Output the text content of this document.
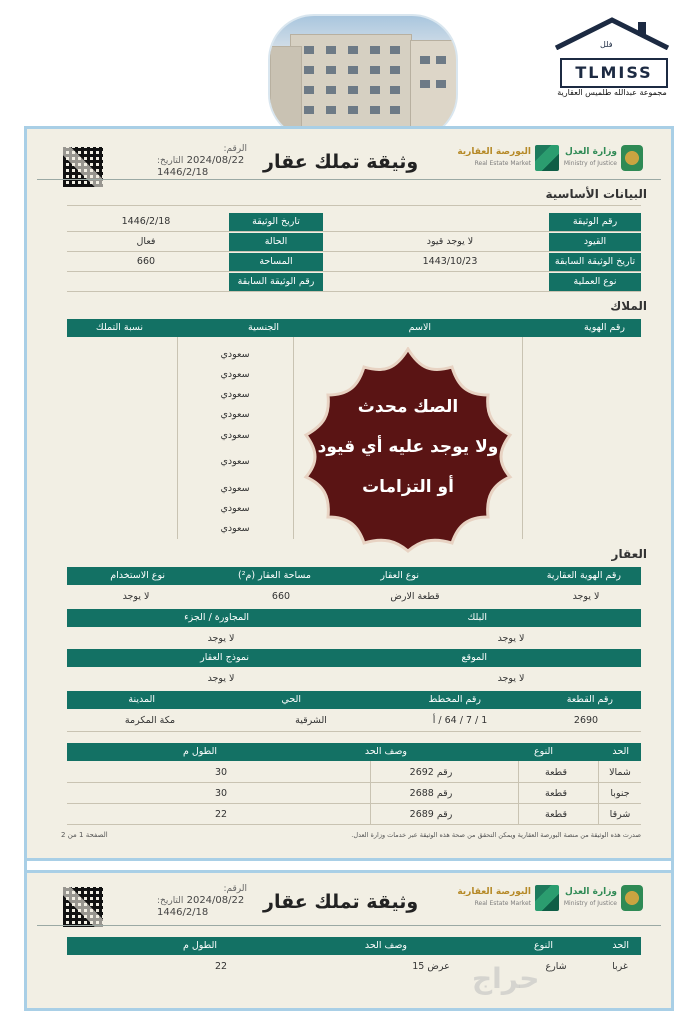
فلل
TLMISS
مجموعة عبدالله طلميس العقارية
وزارة العدل
Ministry of Justice
البورصة العقارية
Real Estate Market
وثيقة تملك عقار
الرقم:
2024/08/22 التاريخ:
1446/2/18
البيانات الأساسية
رقم الوثيقة
القيود
تاريخ الوثيقة السابقة
نوع العملية
لا يوجد قيود
1443/10/23
تاريخ الوثيقة
الحالة
المساحة
رقم الوثيقة السابقة
1446/2/18
فعال
660
الملاك
رقم الهوية
الاسم
الجنسية
نسبة التملك
سعودي
سعودي
سعودي
سعودي
سعودي
سعودي
سعودي
سعودي
سعودي
العقار
رقم الهوية العقارية
نوع العقار
مساحة العقار (م²)
نوع الاستخدام
لا يوجد
قطعة الارض
660
لا يوجد
البلك
المجاورة / الجزء
لا يوجد
لا يوجد
الموقع
نموذج العقار
لا يوجد
لا يوجد
رقم القطعة
رقم المخطط
الحي
المدينة
2690
1 / 7 / 64 / أ
الشرقية
مكة المكرمة
الحد
النوع
وصف الحد
الطول م
شمالا
قطعة
رقم 2692
30
جنوبا
قطعة
رقم 2688
30
شرقا
قطعة
رقم 2689
22
صدرت هذه الوثيقة من منصة البورصة العقارية ويمكن التحقق من صحة هذه الوثيقة عبر خدمات وزارة العدل.
الصفحة 1 من 2
وزارة العدل
Ministry of Justice
البورصة العقارية
Real Estate Market
وثيقة تملك عقار
الرقم:
2024/08/22 التاريخ:
1446/2/18
الحد
النوع
وصف الحد
الطول م
غربا
شارع
عرض 15
22
الصك محدث
ولا يوجد عليه أي قيود
أو التزامات
حراج
